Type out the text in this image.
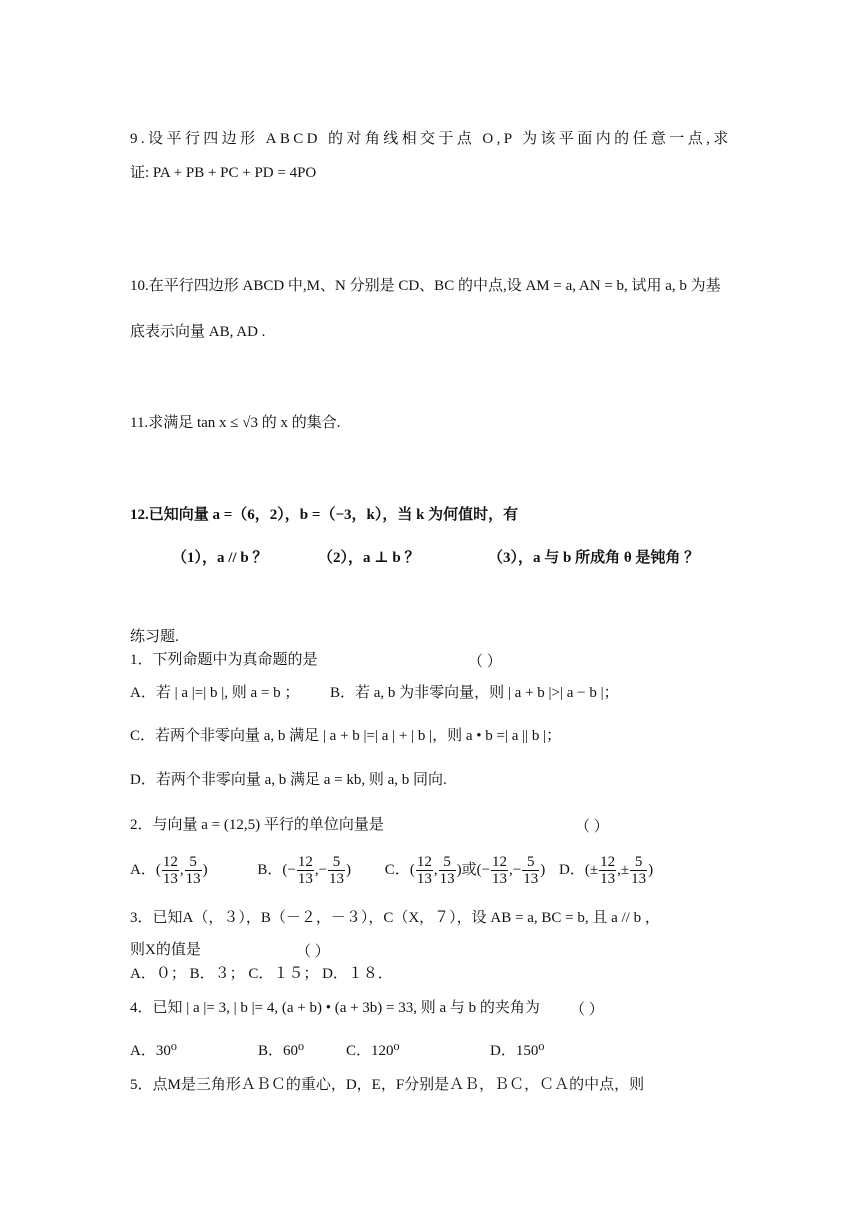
9.设平行四边形 ABCD 的对角线相交于点 O,P 为该平面内的任意一点,求
证: PA + PB + PC + PD = 4PO
10.在平行四边形 ABCD 中,M、N 分别是 CD、BC 的中点,设 AM = a, AN = b, 试用 a, b 为基
底表示向量 AB, AD .
11.求满足 tan x ≤ √3 的 x 的集合.
12.已知向量 a =（6，2），b =（−3，k），当 k 为何值时，有
（1），a // b ？	（2），a ⊥ b ？	（3），a 与 b 所成角 θ 是钝角 ？
练习题.
1．下列命题中为真命题的是	（ ）
A．若 | a |=| b |, 则 a = b ； B．若 a, b 为非零向量，则 | a + b |>| a − b |；
C．若两个非零向量 a, b 满足 | a + b |=| a | + | b |，则 a • b =| a || b |；
D．若两个非零向量 a, b 满足 a = kb, 则 a, b 同向.
2．与向量 a = (12,5) 平行的单位向量是	（ ）
A．( $\frac{12}{13}$ , $\frac{5}{13}$ )	B．(− $\frac{12}{13}$ ,− $\frac{5}{13}$ ) C．( $\frac{12}{13}$ , $\frac{5}{13}$ )或(− $\frac{12}{13}$ ,− $\frac{5}{13}$ ) D．(± $\frac{12}{13}$ ,± $\frac{5}{13}$ )
3．已知A（，３），B（－２，－３），C（X，７），设 AB = a, BC = b, 且 a // b ，
则X的值是	（ ）
A．０； B．３； C．１５； D．１８．
4．已知 | a |= 3, | b |= 4, (a + b) • (a + 3b) = 33, 则 a 与 b 的夹角为 （ ）
A．30⁰	B．60⁰	C．120⁰	D．150⁰
5．点M是三角形ＡＢＣ的重心，D，E，F分别是ＡＢ，ＢＣ，ＣＡ的中点，则
